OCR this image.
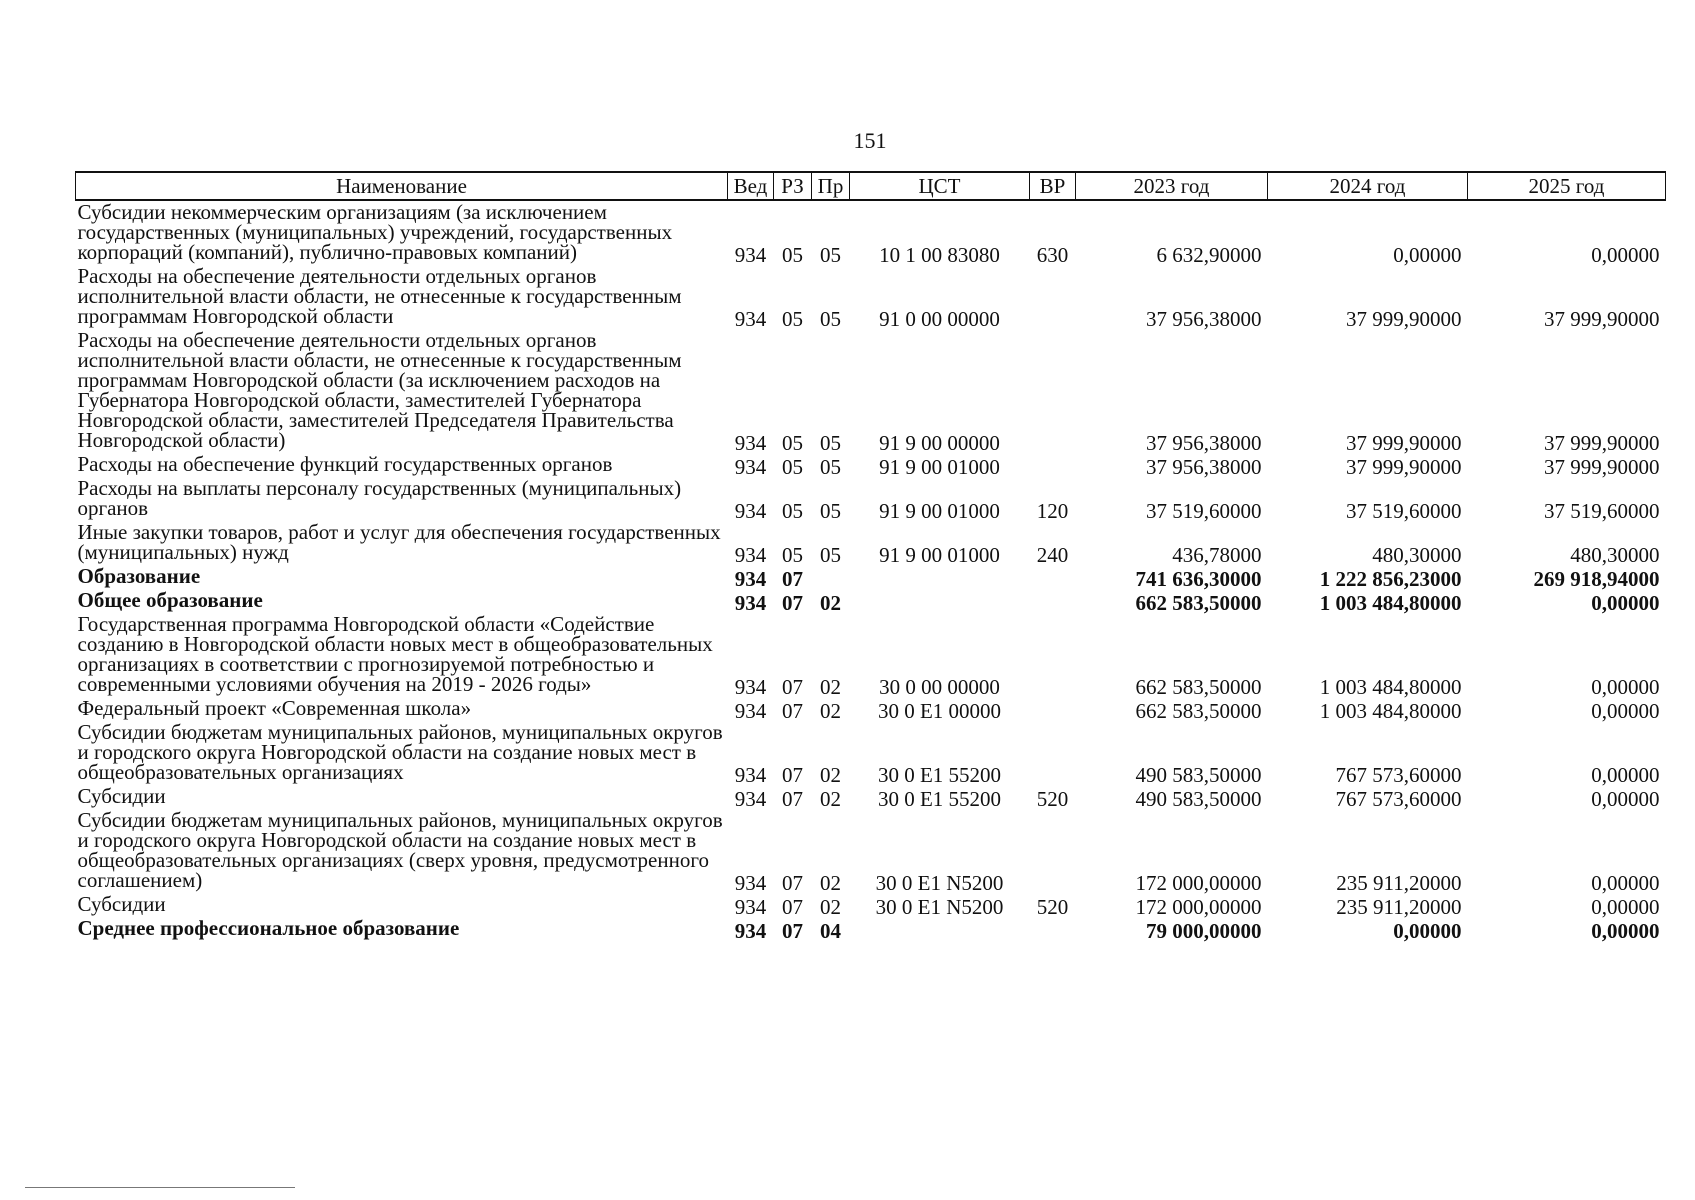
151
Наименование	Вед	РЗ	Пр	ЦСТ	ВР	2023 год	2024 год	2025 год
Субсидии некоммерческим организациям (за исключением государственных (муниципальных) учреждений, государственных корпораций (компаний), публично-правовых компаний)	934	05	05	10 1 00 83080	630	6 632,90000	0,00000	0,00000
Расходы на обеспечение деятельности отдельных органов исполнительной власти области, не отнесенные к государственным программам Новгородской области	934	05	05	91 0 00 00000		37 956,38000	37 999,90000	37 999,90000
Расходы на обеспечение деятельности отдельных органов исполнительной власти области, не отнесенные к государственным программам Новгородской области (за исключением расходов на Губернатора Новгородской области, заместителей Губернатора Новгородской области, заместителей Председателя Правительства Новгородской области)	934	05	05	91 9 00 00000		37 956,38000	37 999,90000	37 999,90000
Расходы на обеспечение функций государственных органов	934	05	05	91 9 00 01000		37 956,38000	37 999,90000	37 999,90000
Расходы на выплаты персоналу государственных (муниципальных) органов	934	05	05	91 9 00 01000	120	37 519,60000	37 519,60000	37 519,60000
Иные закупки товаров, работ и услуг для обеспечения государственных (муниципальных) нужд	934	05	05	91 9 00 01000	240	436,78000	480,30000	480,30000
Образование	934	07				741 636,30000	1 222 856,23000	269 918,94000
Общее образование	934	07	02			662 583,50000	1 003 484,80000	0,00000
Государственная программа Новгородской области «Содействие созданию в Новгородской области новых мест в общеобразовательных организациях в соответствии с прогнозируемой потребностью и современными условиями обучения на 2019 - 2026 годы»	934	07	02	30 0 00 00000		662 583,50000	1 003 484,80000	0,00000
Федеральный проект «Современная школа»	934	07	02	30 0 E1 00000		662 583,50000	1 003 484,80000	0,00000
Субсидии бюджетам муниципальных районов, муниципальных округов и городского округа Новгородской области на создание новых мест в общеобразовательных организациях	934	07	02	30 0 E1 55200		490 583,50000	767 573,60000	0,00000
Субсидии	934	07	02	30 0 E1 55200	520	490 583,50000	767 573,60000	0,00000
Субсидии бюджетам муниципальных районов, муниципальных округов и городского округа Новгородской области на создание новых мест в общеобразовательных организациях (сверх уровня, предусмотренного соглашением)	934	07	02	30 0 E1 N5200		172 000,00000	235 911,20000	0,00000
Субсидии	934	07	02	30 0 E1 N5200	520	172 000,00000	235 911,20000	0,00000
Среднее профессиональное образование	934	07	04			79 000,00000	0,00000	0,00000
